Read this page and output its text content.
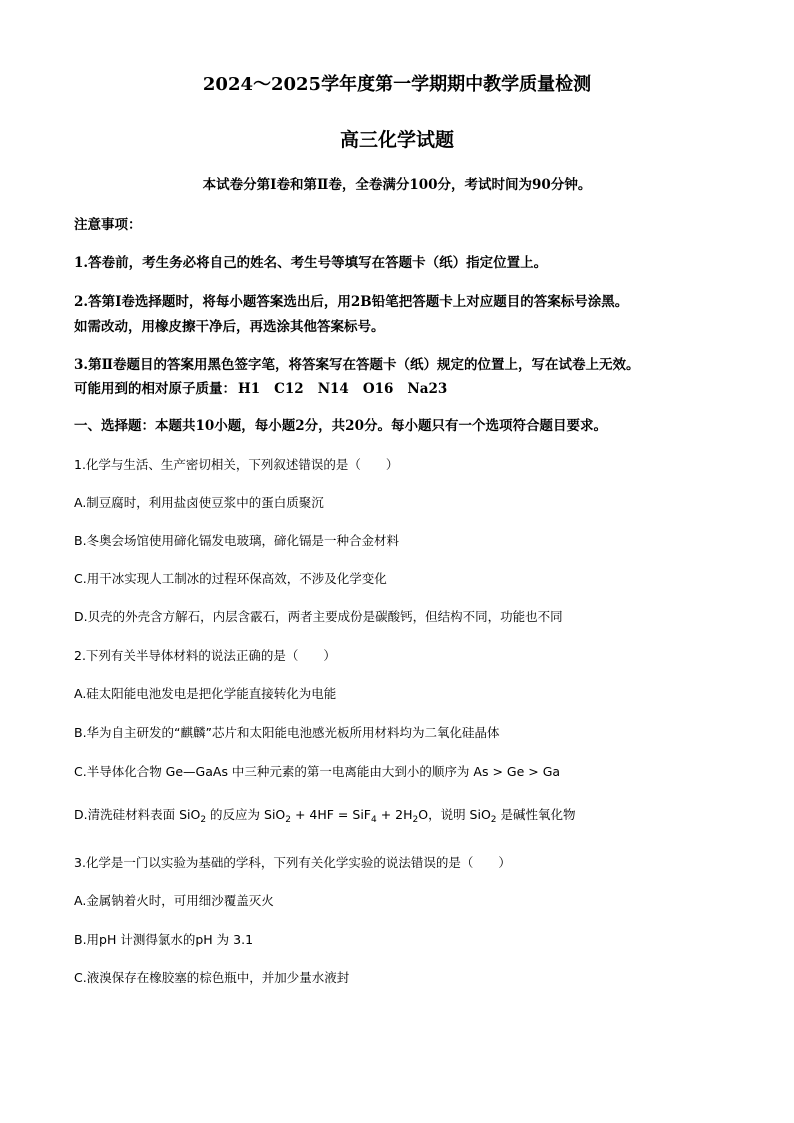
2024～2025学年度第一学期期中教学质量检测
高三化学试题
本试卷分第Ⅰ卷和第Ⅱ卷，全卷满分100分，考试时间为90分钟。
注意事项：
1.答卷前，考生务必将自己的姓名、考生号等填写在答题卡（纸）指定位置上。
2.答第Ⅰ卷选择题时，将每小题答案选出后，用2B铅笔把答题卡上对应题目的答案标号涂黑。
如需改动，用橡皮擦干净后，再选涂其他答案标号。
3.第Ⅱ卷题目的答案用黑色签字笔，将答案写在答题卡（纸）规定的位置上，写在试卷上无效。
可能用到的相对原子质量： H1 C12 N14 O16 Na23
一、选择题：本题共10小题，每小题2分，共20分。每小题只有一个选项符合题目要求。
1.化学与生活、生产密切相关，下列叙述错误的是（　　）
A.制豆腐时，利用盐卤使豆浆中的蛋白质聚沉
B.冬奥会场馆使用碲化镉发电玻璃，碲化镉是一种合金材料
C.用干冰实现人工制冰的过程环保高效，不涉及化学变化
D.贝壳的外壳含方解石，内层含霰石，两者主要成份是碳酸钙，但结构不同，功能也不同
2.下列有关半导体材料的说法正确的是（　　）
A.硅太阳能电池发电是把化学能直接转化为电能
B.华为自主研发的“麒麟”芯片和太阳能电池感光板所用材料均为二氧化硅晶体
C.半导体化合物 Ge—GaAs 中三种元素的第一电离能由大到小的顺序为 As > Ge > Ga
D.清洗硅材料表面 SiO$_2$ 的反应为 $SiO_2 + 4HF = SiF_4 + 2H_2O$，说明 SiO$_2$ 是碱性氧化物
3.化学是一门以实验为基础的学科，下列有关化学实验的说法错误的是（　　）
A.金属钠着火时，可用细沙覆盖灭火
B.用pH 计测得氯水的pH 为 3.1
C.液溴保存在橡胶塞的棕色瓶中，并加少量水液封
